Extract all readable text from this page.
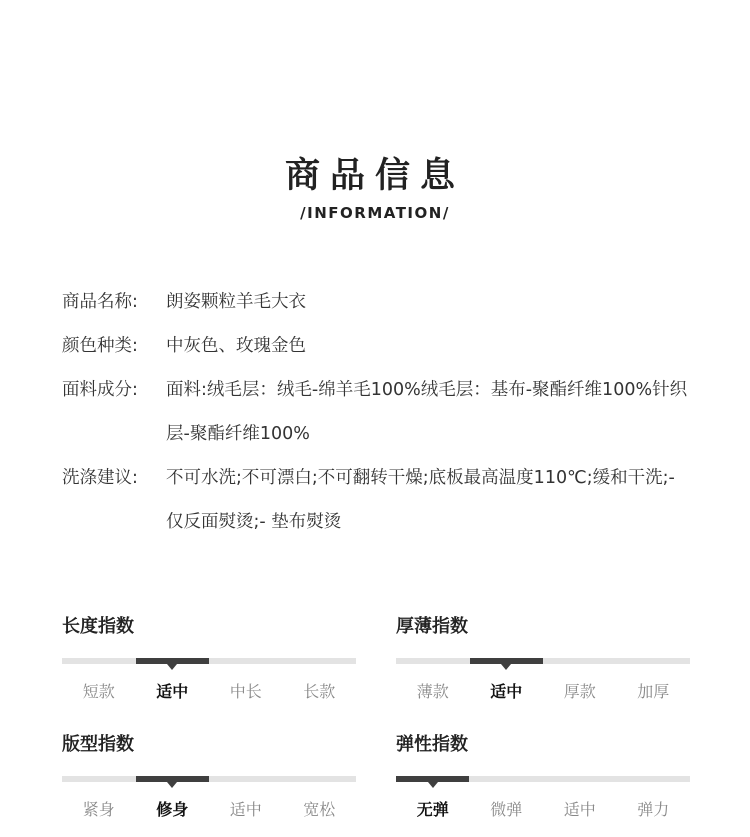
商品信息
/INFORMATION/
商品名称:	朗姿颗粒羊毛大衣
颜色种类:	中灰色、玫瑰金色
面料成分:	面料:绒毛层：绒毛-绵羊毛100%绒毛层：基布-聚酯纤维100%针织层-聚酯纤维100%
洗涤建议:	不可水洗;不可漂白;不可翻转干燥;底板最高温度110℃;缓和干洗;- 仅反面熨烫;- 垫布熨烫
长度指数
短款	适中	中长	长款
厚薄指数
薄款	适中	厚款	加厚
版型指数
紧身	修身	适中	宽松
弹性指数
无弹	微弹	适中	弹力
